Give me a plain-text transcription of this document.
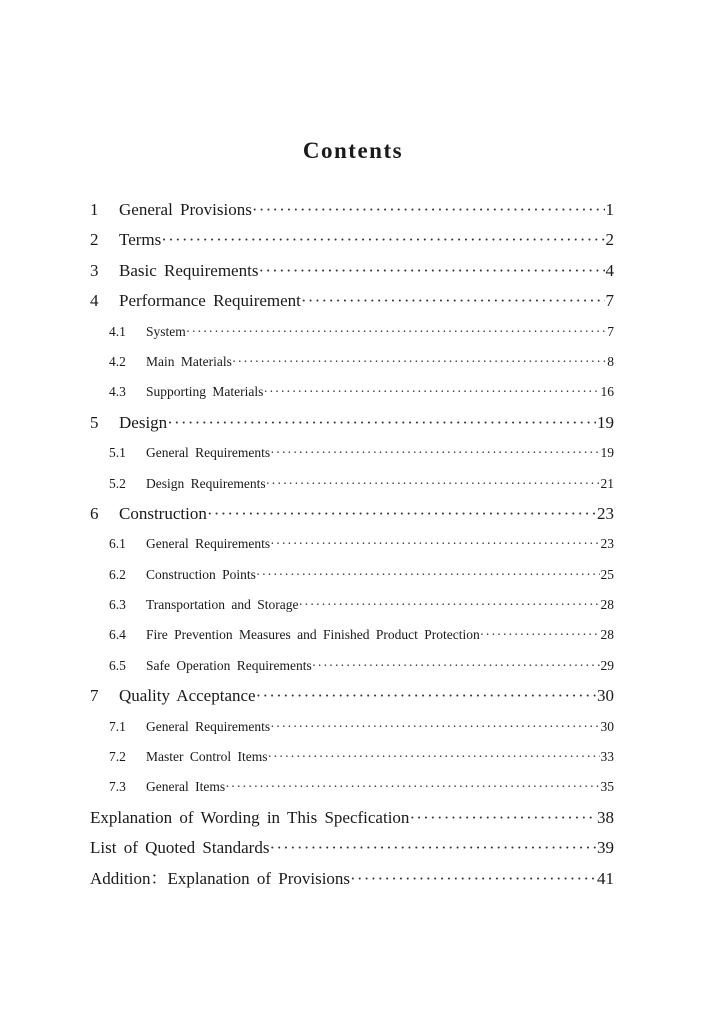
Contents
1	General Provisions ·····	1
2	Terms ·····	2
3	Basic Requirements ·····	4
4	Performance Requirement ·····	7
4.1	System ·····	7
4.2	Main Materials ·····	8
4.3	Supporting Materials ·····	16
5	Design ·····	19
5.1	General Requirements ·····	19
5.2	Design Requirements ·····	21
6	Construction ·····	23
6.1	General Requirements ·····	23
6.2	Construction Points ·····	25
6.3	Transportation and Storage ·····	28
6.4	Fire Prevention Measures and Finished Product Protection ·····	28
6.5	Safe Operation Requirements ·····	29
7	Quality Acceptance ·····	30
7.1	General Requirements ·····	30
7.2	Master Control Items ·····	33
7.3	General Items ·····	35
Explanation of Wording in This Specfication ·····	38
List of Quoted Standards ·····	39
Addition：Explanation of Provisions ·····	41
